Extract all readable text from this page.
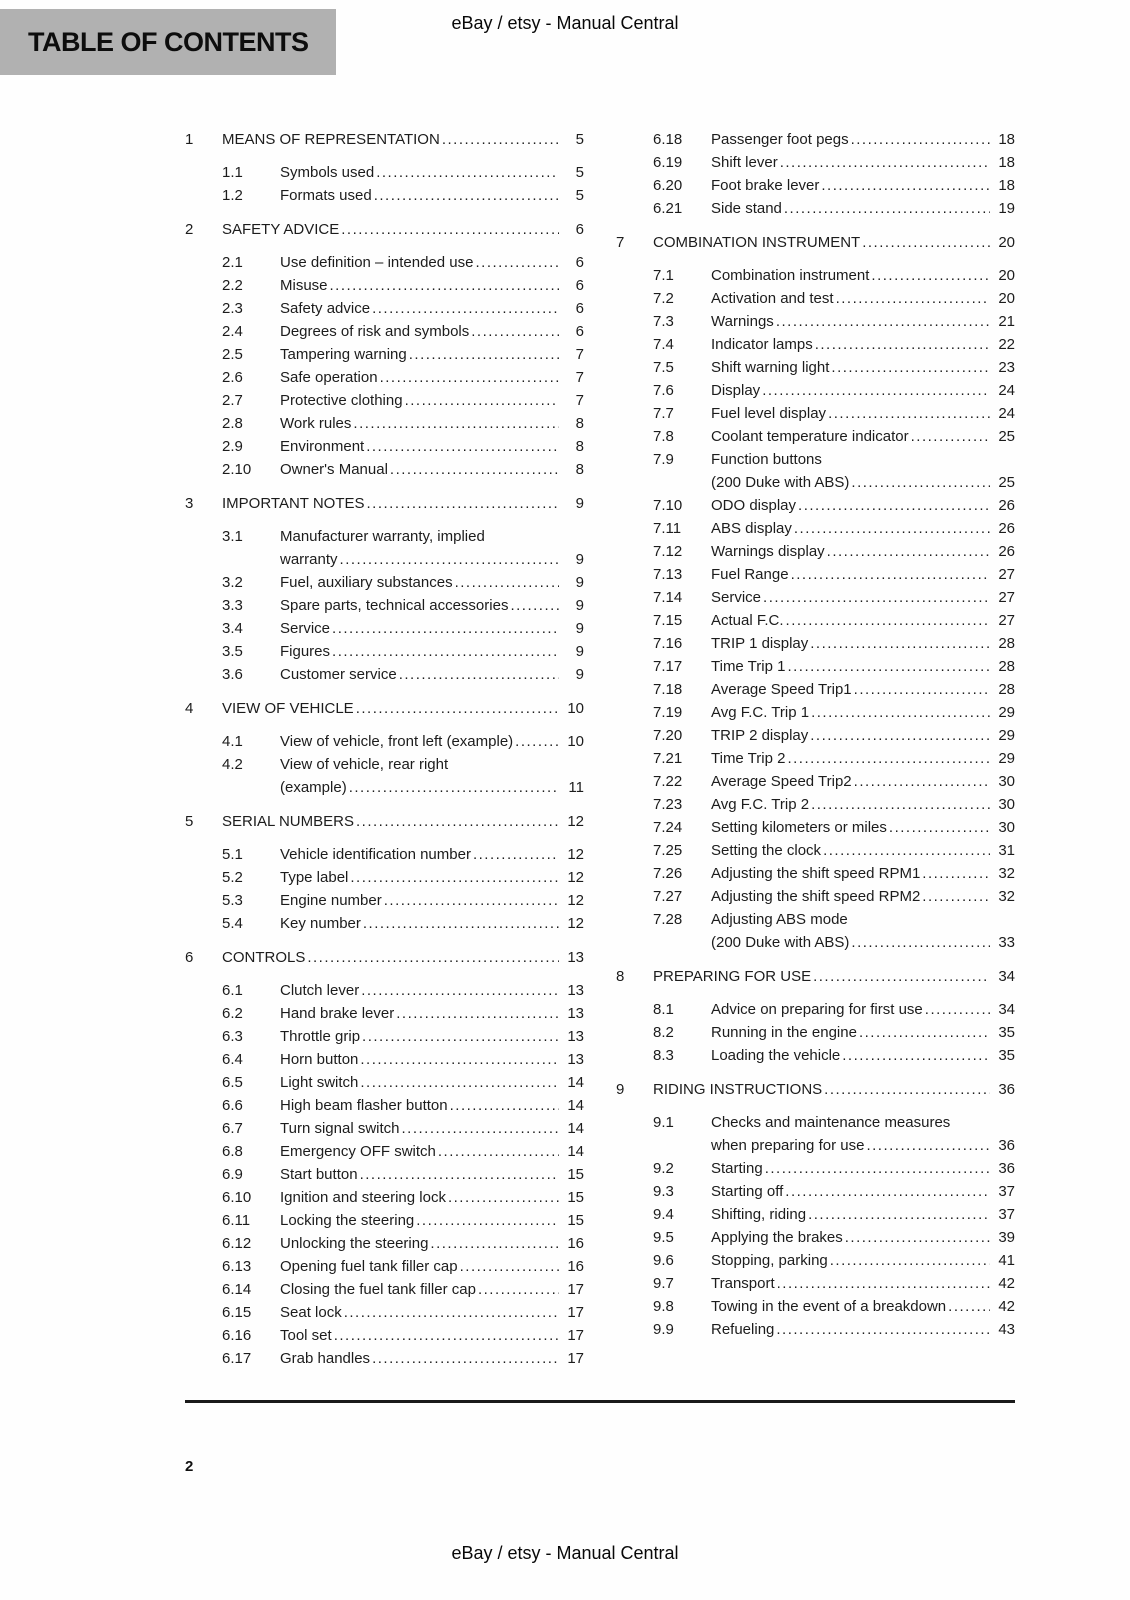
TABLE OF CONTENTS
eBay / etsy - Manual Central
1	MEANS OF REPRESENTATION .....	5
1.1	Symbols used .....	5
1.2	Formats used .....	5
2	SAFETY ADVICE .....	6
2.1	Use definition – intended use .....	6
2.2	Misuse .....	6
2.3	Safety advice .....	6
2.4	Degrees of risk and symbols .....	6
2.5	Tampering warning .....	7
2.6	Safe operation .....	7
2.7	Protective clothing .....	7
2.8	Work rules .....	8
2.9	Environment .....	8
2.10	Owner's Manual .....	8
3	IMPORTANT NOTES .....	9
3.1	Manufacturer warranty, implied
warranty .....	9
3.2	Fuel, auxiliary substances .....	9
3.3	Spare parts, technical accessories .....	9
3.4	Service .....	9
3.5	Figures .....	9
3.6	Customer service .....	9
4	VIEW OF VEHICLE .....	10
4.1	View of vehicle, front left (example) .....	10
4.2	View of vehicle, rear right
(example) .....	11
5	SERIAL NUMBERS .....	12
5.1	Vehicle identification number .....	12
5.2	Type label .....	12
5.3	Engine number .....	12
5.4	Key number .....	12
6	CONTROLS .....	13
6.1	Clutch lever .....	13
6.2	Hand brake lever .....	13
6.3	Throttle grip .....	13
6.4	Horn button .....	13
6.5	Light switch .....	14
6.6	High beam flasher button .....	14
6.7	Turn signal switch .....	14
6.8	Emergency OFF switch .....	14
6.9	Start button .....	15
6.10	Ignition and steering lock .....	15
6.11	Locking the steering .....	15
6.12	Unlocking the steering .....	16
6.13	Opening fuel tank filler cap .....	16
6.14	Closing the fuel tank filler cap .....	17
6.15	Seat lock .....	17
6.16	Tool set .....	17
6.17	Grab handles .....	17
6.18	Passenger foot pegs .....	18
6.19	Shift lever .....	18
6.20	Foot brake lever .....	18
6.21	Side stand .....	19
7	COMBINATION INSTRUMENT .....	20
7.1	Combination instrument .....	20
7.2	Activation and test .....	20
7.3	Warnings .....	21
7.4	Indicator lamps .....	22
7.5	Shift warning light .....	23
7.6	Display .....	24
7.7	Fuel level display .....	24
7.8	Coolant temperature indicator .....	25
7.9	Function buttons
(200 Duke with ABS) .....	25
7.10	ODO display .....	26
7.11	ABS display .....	26
7.12	Warnings display .....	26
7.13	Fuel Range .....	27
7.14	Service .....	27
7.15	Actual F.C. .....	27
7.16	TRIP 1 display .....	28
7.17	Time Trip 1 .....	28
7.18	Average Speed Trip1 .....	28
7.19	Avg F.C. Trip 1 .....	29
7.20	TRIP 2 display .....	29
7.21	Time Trip 2 .....	29
7.22	Average Speed Trip2 .....	30
7.23	Avg F.C. Trip 2 .....	30
7.24	Setting kilometers or miles .....	30
7.25	Setting the clock .....	31
7.26	Adjusting the shift speed RPM1 .....	32
7.27	Adjusting the shift speed RPM2 .....	32
7.28	Adjusting ABS mode
(200 Duke with ABS) .....	33
8	PREPARING FOR USE .....	34
8.1	Advice on preparing for first use .....	34
8.2	Running in the engine .....	35
8.3	Loading the vehicle .....	35
9	RIDING INSTRUCTIONS .....	36
9.1	Checks and maintenance measures
when preparing for use .....	36
9.2	Starting .....	36
9.3	Starting off .....	37
9.4	Shifting, riding .....	37
9.5	Applying the brakes .....	39
9.6	Stopping, parking .....	41
9.7	Transport .....	42
9.8	Towing in the event of a breakdown .....	42
9.9	Refueling .....	43
2
eBay / etsy - Manual Central
